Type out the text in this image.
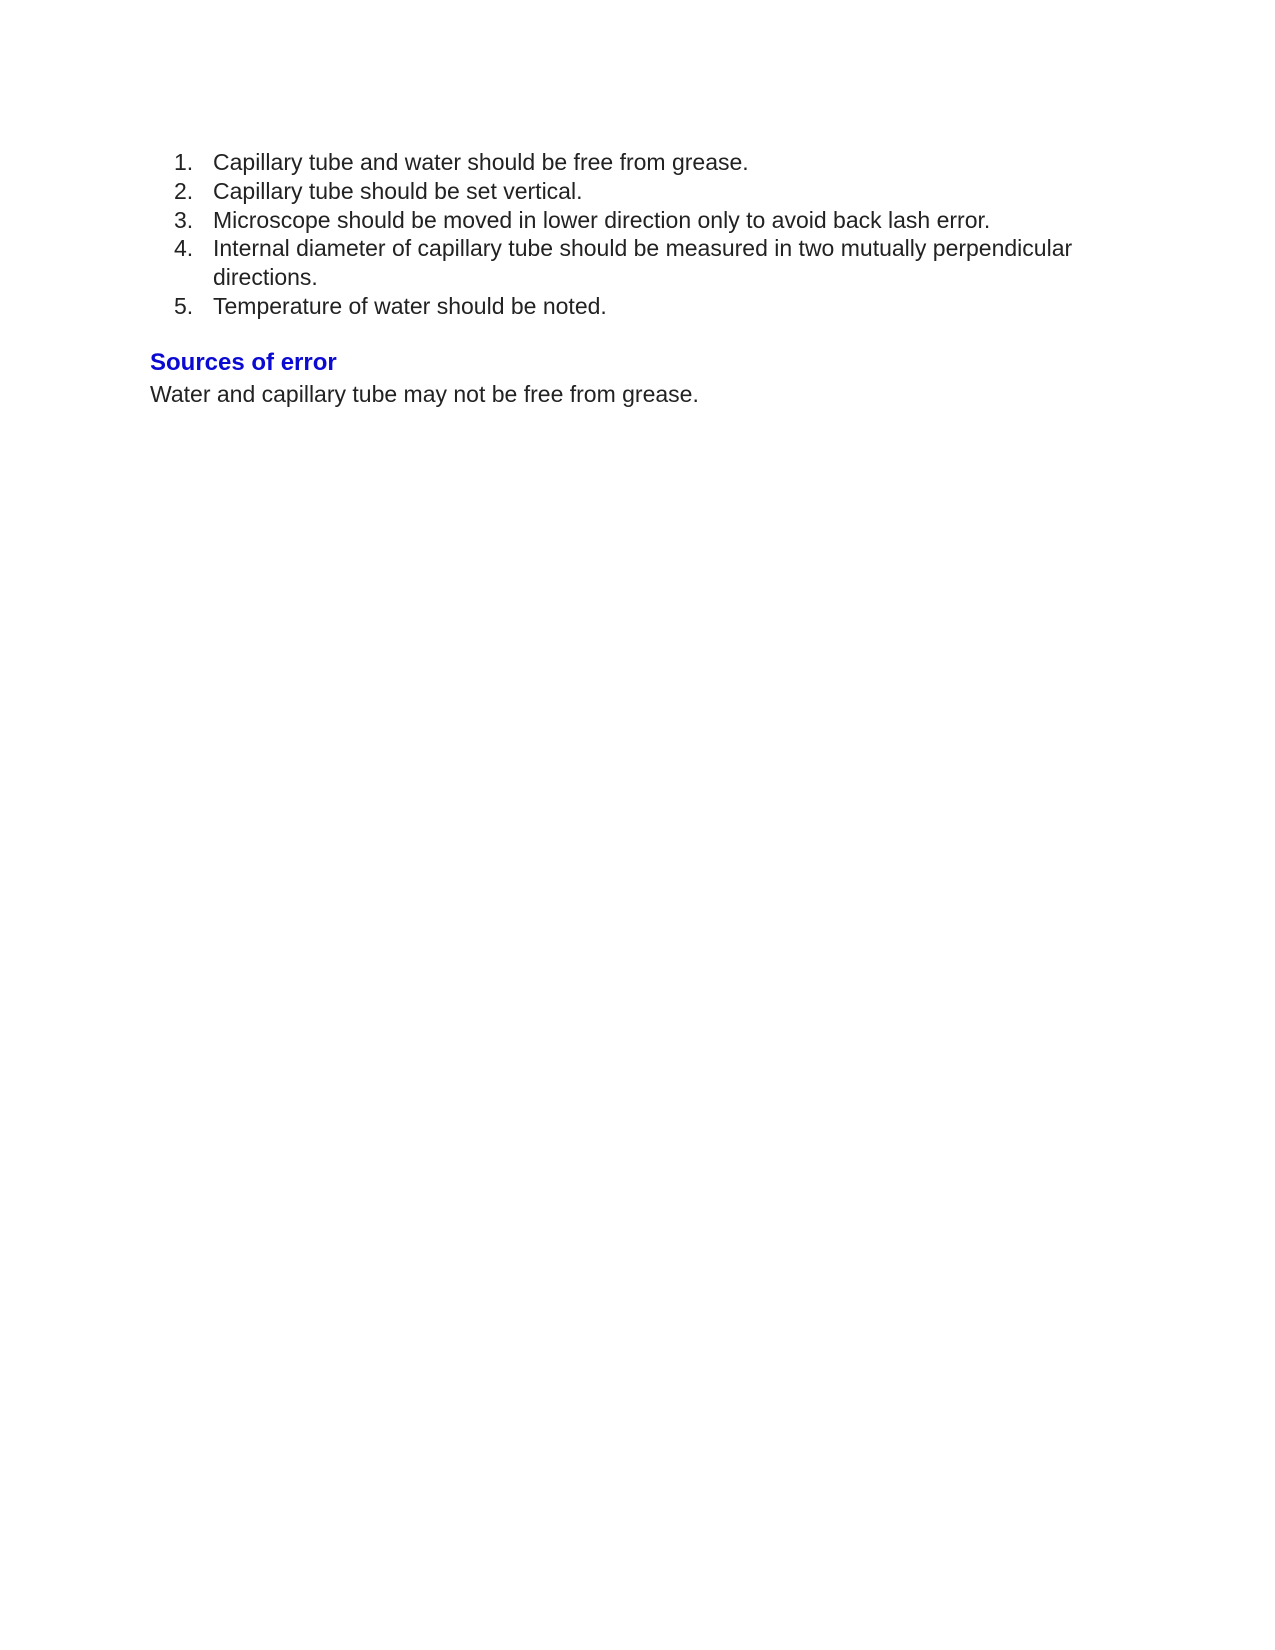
1. Capillary tube and water should be free from grease.
2. Capillary tube should be set vertical.
3. Microscope should be moved in lower direction only to avoid back lash error.
4. Internal diameter of capillary tube should be measured in two mutually perpendicular directions.
5. Temperature of water should be noted.
Sources of error

Water and capillary tube may not be free from grease.
